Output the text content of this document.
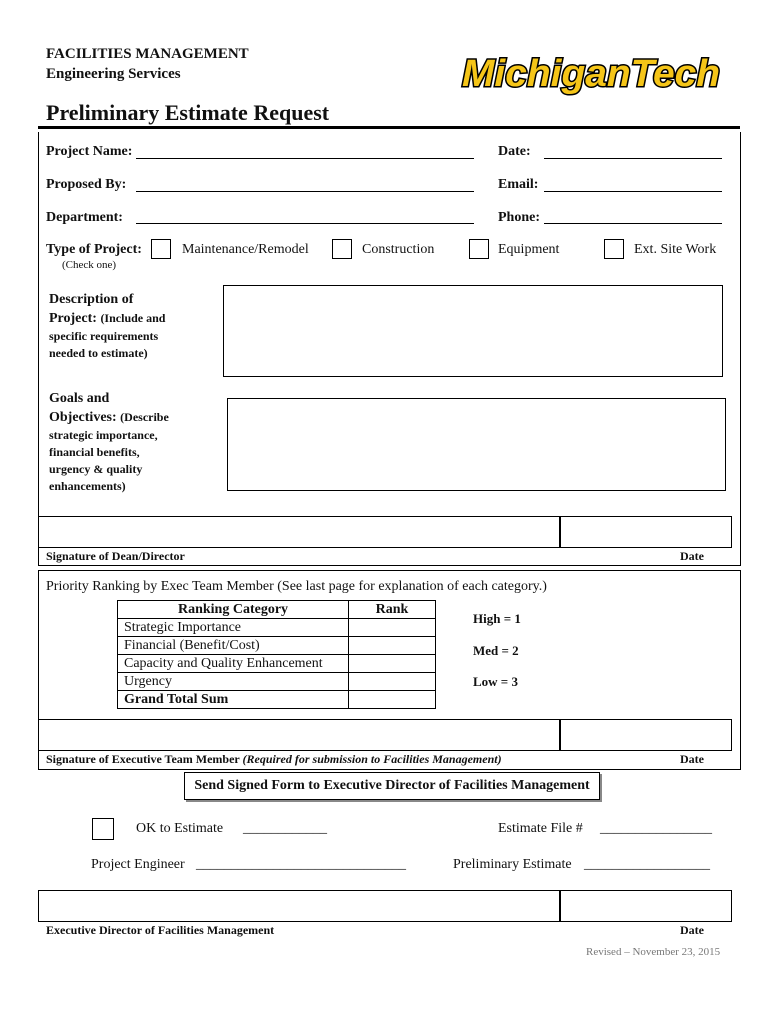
FACILITIES MANAGEMENT
Engineering Services	MichiganTech
Preliminary Estimate Request
Project Name:	Date:
Proposed By:	Email:
Department:	Phone:
Type of Project:
(Check one)
Maintenance/Remodel	Construction	Equipment	Ext. Site Work
Description of
Project: (Include and
specific requirements
needed to estimate)
Goals and
Objectives: (Describe
strategic importance,
financial benefits,
urgency & quality
enhancements)
Signature of Dean/Director	Date
Priority Ranking by Exec Team Member (See last page for explanation of each category.)
Ranking Category	Rank
Strategic Importance	
Financial (Benefit/Cost)	
Capacity and Quality Enhancement	
Urgency	
Grand Total Sum	
High = 1
Med = 2
Low = 3
Signature of Executive Team Member (Required for submission to Facilities Management)	Date
Send Signed Form to Executive Director of Facilities Management
OK to Estimate ____________	Estimate File # ________________
Project Engineer ______________________________	Preliminary Estimate __________________
Executive Director of Facilities Management	Date
Revised – November 23, 2015
